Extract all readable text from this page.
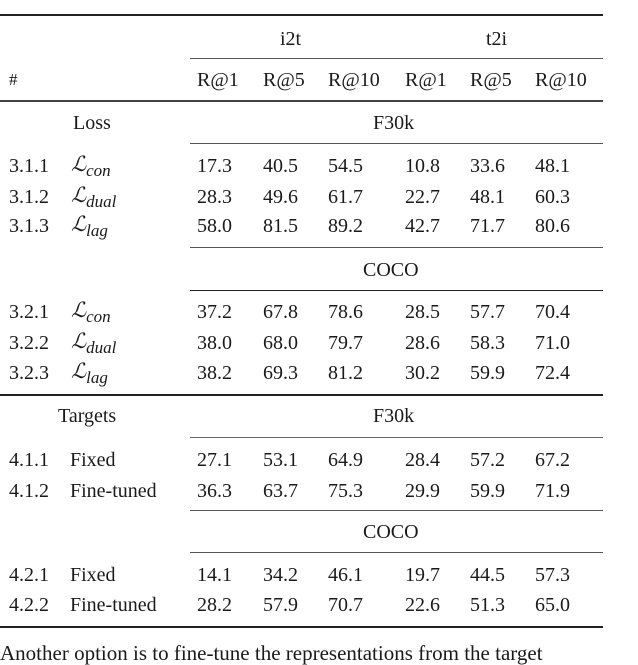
i2t	t2i
#	R@1 R@5 R@10 R@1 R@5 R@10
Loss	F30k
3.1.1 ℒ$_{con}$	17.3 40.5 54.5 10.8 33.6 48.1
3.1.2 ℒ$_{dual}$	28.3 49.6 61.7 22.7 48.1 60.3
3.1.3 ℒ$_{lag}$	58.0 81.5 89.2 42.7 71.7 80.6
COCO
3.2.1 ℒ$_{con}$	37.2 67.8 78.6 28.5 57.7 70.4
3.2.2 ℒ$_{dual}$	38.0 68.0 79.7 28.6 58.3 71.0
3.2.3 ℒ$_{lag}$	38.2 69.3 81.2 30.2 59.9 72.4
Targets	F30k
4.1.1 Fixed	27.1 53.1 64.9 28.4 57.2 67.2
4.1.2 Fine-tuned 36.3 63.7 75.3 29.9 59.9 71.9
COCO
4.2.1 Fixed	14.1 34.2 46.1 19.7 44.5 57.3
4.2.2 Fine-tuned 28.2 57.9 70.7 22.6 51.3 65.0

Another option is to fine-tune the representations from the target
